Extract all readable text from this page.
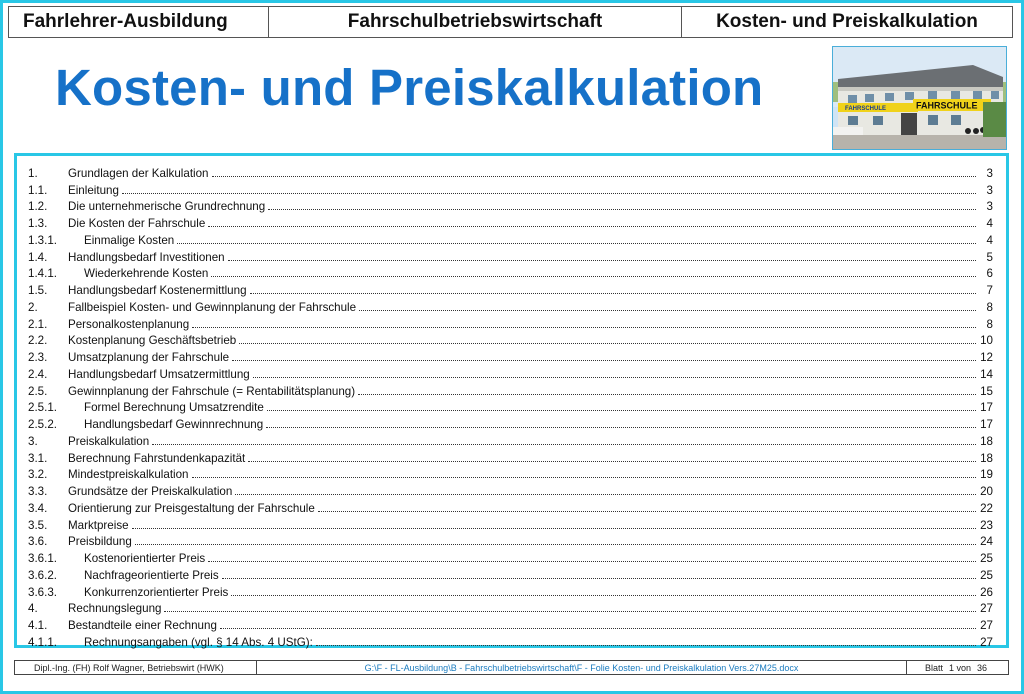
Fahrlehrer-Ausbildung	Fahrschulbetriebswirtschaft	Kosten- und Preiskalkulation
Kosten- und Preiskalkulation	FAHRSCHULE	FAHRSCHULE
1.	Grundlagen der Kalkulation	3
1.1.	Einleitung	3
1.2.	Die unternehmerische Grundrechnung	3
1.3.	Die Kosten der Fahrschule	4
1.3.1.	Einmalige Kosten	4
1.4.	Handlungsbedarf Investitionen	5
1.4.1.	Wiederkehrende Kosten	6
1.5.	Handlungsbedarf Kostenermittlung	7
2.	Fallbeispiel Kosten- und Gewinnplanung der Fahrschule	8
2.1.	Personalkostenplanung	8
2.2.	Kostenplanung Geschäftsbetrieb	10
2.3.	Umsatzplanung der Fahrschule	12
2.4.	Handlungsbedarf Umsatzermittlung	14
2.5.	Gewinnplanung der Fahrschule (= Rentabilitätsplanung)	15
2.5.1.	Formel Berechnung Umsatzrendite	17
2.5.2.	Handlungsbedarf Gewinnrechnung	17
3.	Preiskalkulation	18
3.1.	Berechnung Fahrstundenkapazität	18
3.2.	Mindestpreiskalkulation	19
3.3.	Grundsätze der Preiskalkulation	20
3.4.	Orientierung zur Preisgestaltung der Fahrschule	22
3.5.	Marktpreise	23
3.6.	Preisbildung	24
3.6.1.	Kostenorientierter Preis	25
3.6.2.	Nachfrageorientierte Preis	25
3.6.3.	Konkurrenzorientierter Preis	26
4.	Rechnungslegung	27
4.1.	Bestandteile einer Rechnung	27
4.1.1.	Rechnungsangaben (vgl. § 14 Abs. 4 UStG):	27
Dipl.-Ing. (FH) Rolf Wagner, Betriebswirt (HWK)	G:\F - FL-Ausbildung\B - Fahrschulbetriebswirtschaft\F - Folie Kosten- und Preiskalkulation Vers.27M25.docx	Blatt 1 von 36
